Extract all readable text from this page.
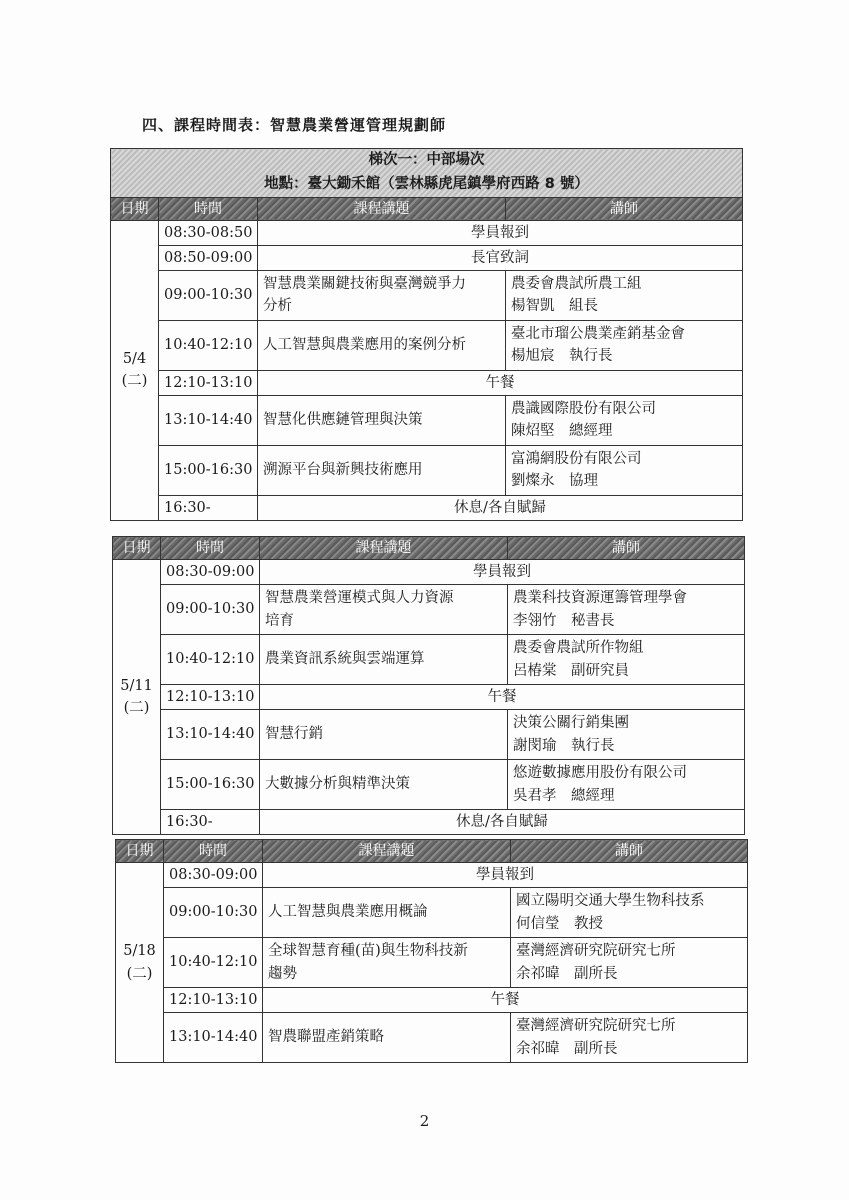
四、課程時間表：智慧農業營運管理規劃師
梯次一：中部場次
地點：臺大鋤禾館（雲林縣虎尾鎮學府西路 8 號）			

日期	時間	課程講題	講師

5/4
(二)	08:30-08:50	學員報到	
	08:50-09:00	長官致詞	
	09:00-10:30	智慧農業關鍵技術與臺灣競爭力
分析	農委會農試所農工組
楊智凱　組長

	10:40-12:10	人工智慧與農業應用的案例分析	臺北市瑠公農業產銷基金會
楊旭宸　執行長

	12:10-13:10	午餐	
	13:10-14:40	智慧化供應鏈管理與決策	農識國際股份有限公司
陳炤堅　總經理

	15:00-16:30	溯源平台與新興技術應用	富鴻網股份有限公司
劉燦永　協理

	16:30-	休息/各自賦歸	
日期	時間	課程講題	講師

5/11
(二)	08:30-09:00	學員報到	
	09:00-10:30	智慧農業營運模式與人力資源
培育	農業科技資源運籌管理學會
李翎竹　秘書長

	10:40-12:10	農業資訊系統與雲端運算	農委會農試所作物組
呂椿棠　副研究員

	12:10-13:10	午餐	
	13:10-14:40	智慧行銷	決策公關行銷集團
謝閔瑜　執行長

	15:00-16:30	大數據分析與精準決策	悠遊數據應用股份有限公司
吳君孝　總經理

	16:30-	休息/各自賦歸	
日期	時間	課程講題	講師

5/18
(二)	08:30-09:00	學員報到	
	09:00-10:30	人工智慧與農業應用概論	國立陽明交通大學生物科技系
何信瑩　教授

	10:40-12:10	全球智慧育種(苗)與生物科技新
趨勢	臺灣經濟研究院研究七所
余祁暐　副所長

	12:10-13:10	午餐	
	13:10-14:40	智農聯盟產銷策略	臺灣經濟研究院研究七所
余祁暐　副所長
2
